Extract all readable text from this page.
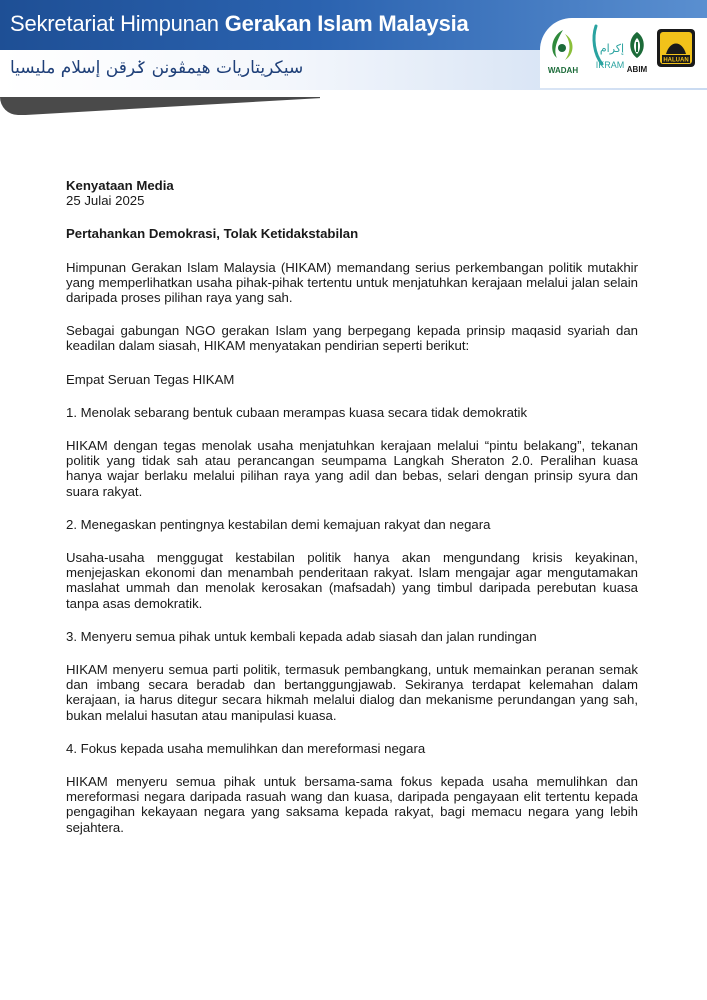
Sekretariat Himpunan Gerakan Islam Malaysia
سيكريتاريات هيمڤونن ݢرقن إسلام مليسيا	WADAH
إكرام
IKRAM ABIM
HALUAN

Kenyataan Media

25 Julai 2025

Pertahankan Demokrasi, Tolak Ketidakstabilan

Himpunan Gerakan Islam Malaysia (HIKAM) memandang serius perkembangan politik mutakhir yang memperlihatkan usaha pihak-pihak tertentu untuk menjatuhkan kerajaan melalui jalan selain daripada proses pilihan raya yang sah.

Sebagai gabungan NGO gerakan Islam yang berpegang kepada prinsip maqasid syariah dan keadilan dalam siasah, HIKAM menyatakan pendirian seperti berikut:

Empat Seruan Tegas HIKAM

1. Menolak sebarang bentuk cubaan merampas kuasa secara tidak demokratik

HIKAM dengan tegas menolak usaha menjatuhkan kerajaan melalui “pintu belakang”, tekanan politik yang tidak sah atau perancangan seumpama Langkah Sheraton 2.0. Peralihan kuasa hanya wajar berlaku melalui pilihan raya yang adil dan bebas, selari dengan prinsip syura dan suara rakyat.

2. Menegaskan pentingnya kestabilan demi kemajuan rakyat dan negara

Usaha-usaha menggugat kestabilan politik hanya akan mengundang krisis keyakinan, menjejaskan ekonomi dan menambah penderitaan rakyat. Islam mengajar agar mengutamakan maslahat ummah dan menolak kerosakan (mafsadah) yang timbul daripada perebutan kuasa tanpa asas demokratik.

3. Menyeru semua pihak untuk kembali kepada adab siasah dan jalan rundingan

HIKAM menyeru semua parti politik, termasuk pembangkang, untuk memainkan peranan semak dan imbang secara beradab dan bertanggungjawab. Sekiranya terdapat kelemahan dalam kerajaan, ia harus ditegur secara hikmah melalui dialog dan mekanisme perundangan yang sah, bukan melalui hasutan atau manipulasi kuasa.

4. Fokus kepada usaha memulihkan dan mereformasi negara

HIKAM menyeru semua pihak untuk bersama-sama fokus kepada usaha memulihkan dan mereformasi negara daripada rasuah wang dan kuasa, daripada pengayaan elit tertentu kepada pengagihan kekayaan negara yang saksama kepada rakyat, bagi memacu negara yang lebih sejahtera.
